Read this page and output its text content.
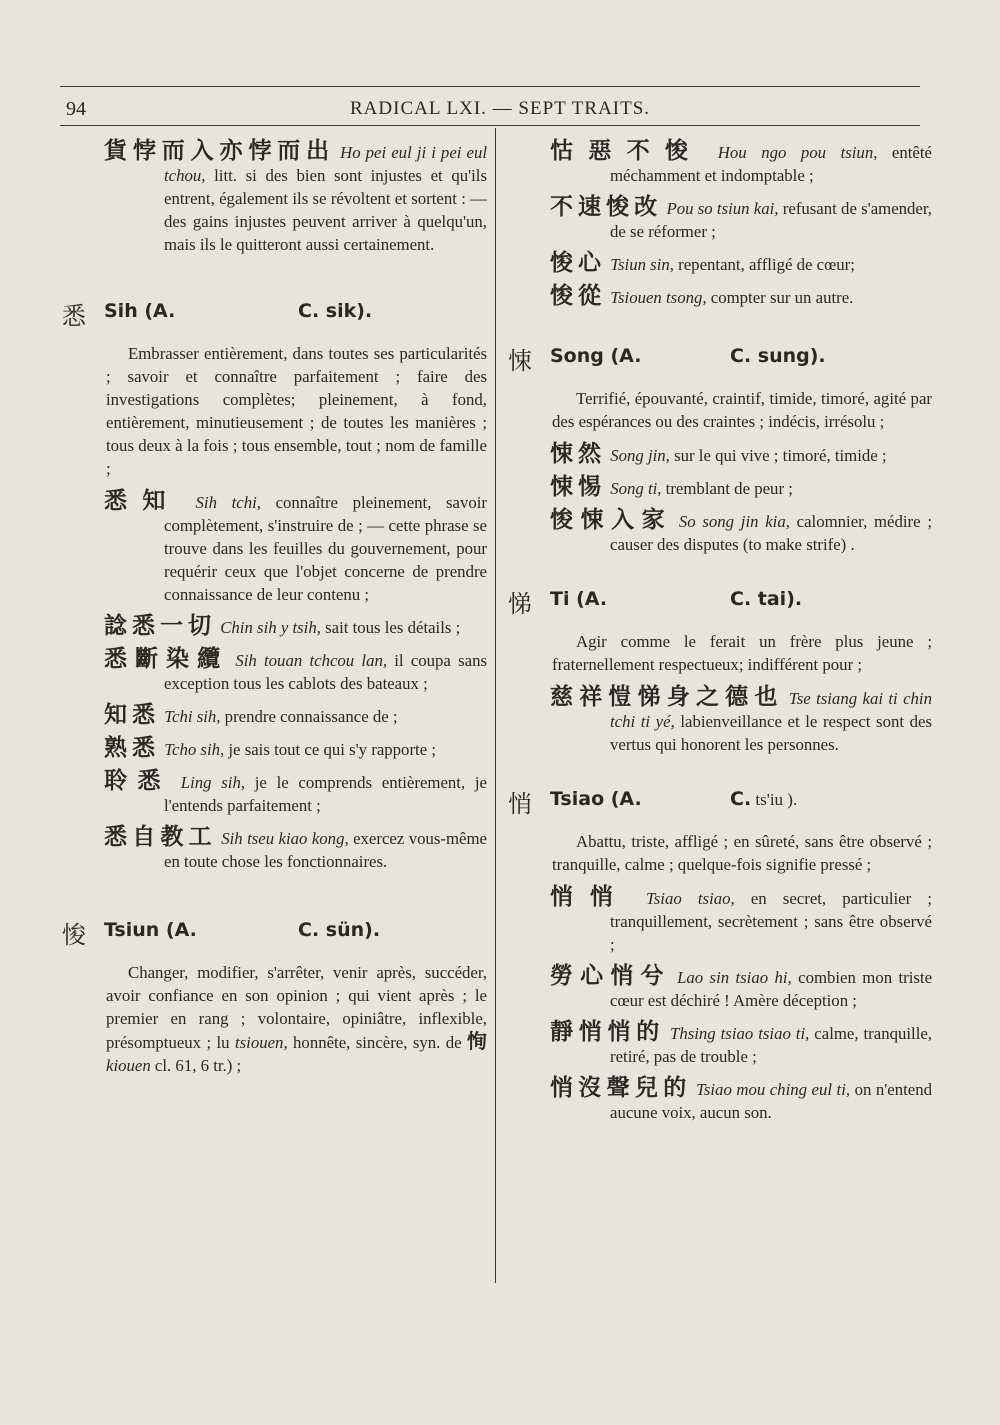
94	RADICAL LXI. — SEPT TRAITS.
貨悖而入亦悖而出 Ho pei eul ji i pei eul tchou, litt. si des bien sont injustes et qu'ils entrent, également ils se révoltent et sortent : — des gains injustes peuvent arriver à quelqu'un, mais ils le quitteront aussi certainement.
悉 Sih (A.	C. sik).
Embrasser entièrement, dans toutes ses particularités ; savoir et connaître parfaitement ; faire des investigations complètes; pleinement, à fond, entièrement, minutieusement ; de toutes les manières ; tous deux à la fois ; tous ensemble, tout ; nom de famille ;
悉知 Sih tchi, connaître pleinement, savoir complètement, s'instruire de ; — cette phrase se trouve dans les feuilles du gouvernement, pour requérir ceux que l'objet concerne de prendre connaissance de leur contenu ;
諗悉一切 Chin sih y tsih, sait tous les détails ;
悉斷染纜 Sih touan tchcou lan, il coupa sans exception tous les cablots des bateaux ;
知悉 Tchi sih, prendre connaissance de ;
熟悉 Tcho sih, je sais tout ce qui s'y rapporte ;
聆悉 Ling sih, je le comprends entièrement, je l'entends parfaitement ;
悉自教工 Sih tseu kiao kong, exercez vous-même en toute chose les fonctionnaires.
悛 Tsiun (A.	C. sün).
Changer, modifier, s'arrêter, venir après, succéder, avoir confiance en son opinion ; qui vient après ; le premier en rang ; volontaire, opiniâtre, inflexible, présomptueux ; lu tsiouen, honnête, sincère, syn. de 恂 kiouen cl. 61, 6 tr.) ;
怙惡不悛 Hou ngo pou tsiun, entêté méchamment et indomptable ;
不速悛改 Pou so tsiun kai, refusant de s'amender, de se réformer ;
悛心 Tsiun sin, repentant, affligé de cœur;
悛從 Tsiouen tsong, compter sur un autre.
悚 Song (A.	C. sung).
Terrifié, épouvanté, craintif, timide, timoré, agité par des espérances ou des craintes ; indécis, irrésolu ;
悚然 Song jin, sur le qui vive ; timoré, timide ;
悚惕 Song ti, tremblant de peur ;
悛悚入家 So song jin kia, calomnier, médire ; causer des disputes (to make strife) .
悌 Ti (A.	C. tai).
Agir comme le ferait un frère plus jeune ; fraternellement respectueux; indifférent pour ;
慈祥愷悌身之德也 Tse tsiang kai ti chin tchi ti yé, labienveillance et le respect sont des vertus qui honorent les personnes.
悄 Tsiao (A.	C. ts'iu ).
Abattu, triste, affligé ; en sûreté, sans être observé ; tranquille, calme ; quelque-fois signifie pressé ;
悄悄 Tsiao tsiao, en secret, particulier ; tranquillement, secrètement ; sans être observé ;
勞心悄兮 Lao sin tsiao hi, combien mon triste cœur est déchiré ! Amère déception ;
靜悄悄的 Thsing tsiao tsiao ti, calme, tranquille, retiré, pas de trouble ;
悄沒聲兒的 Tsiao mou ching eul ti, on n'entend aucune voix, aucun son.
